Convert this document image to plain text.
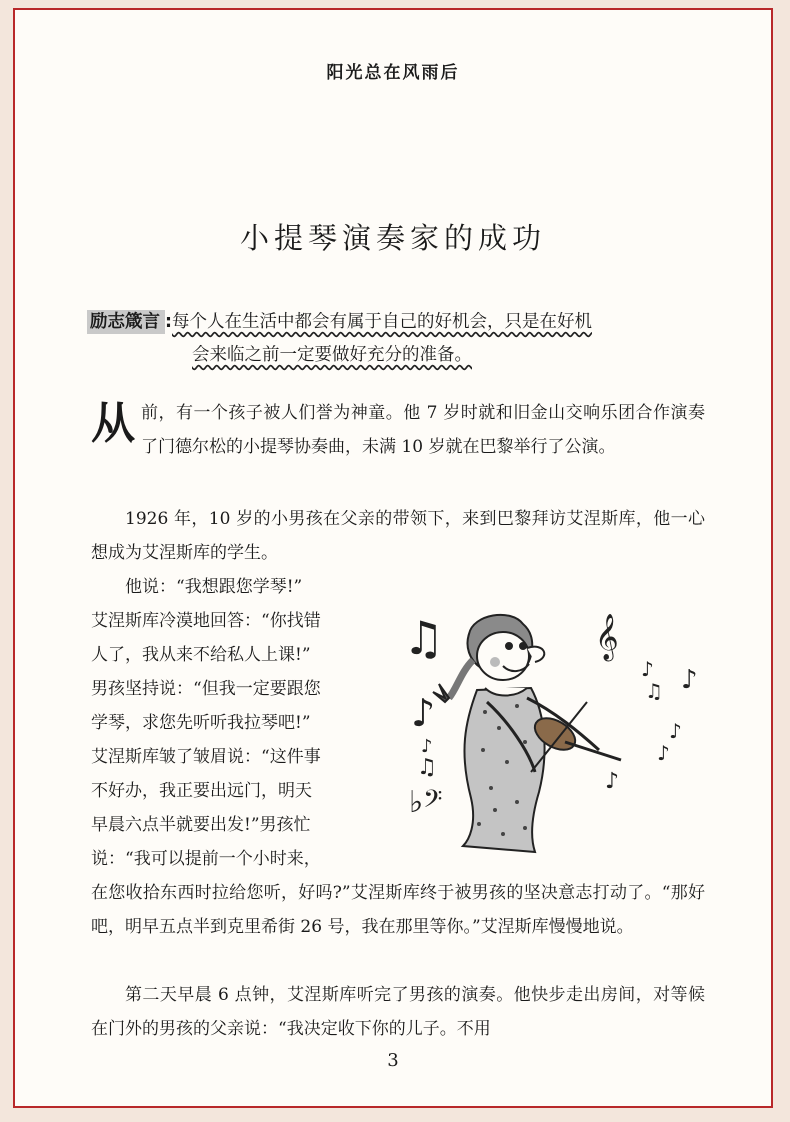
阳光总在风雨后
小提琴演奏家的成功
励志箴言 :每个人在生活中都会有属于自己的好机会，只是在好机
会来临之前一定要做好充分的准备。
从 前，有一个孩子被人们誉为神童。他 7 岁时就和旧金山交响乐团合作演奏了门德尔松的小提琴协奏曲，未满 10 岁就在巴黎举行了公演。

1926 年，10 岁的小男孩在父亲的带领下，来到巴黎拜访艾涅斯库，他一心想成为艾涅斯库的学生。

他说：“我想跟您学琴!”
艾涅斯库冷漠地回答：“你找错
人了，我从来不给私人上课!”
男孩坚持说：“但我一定要跟您
学琴，求您先听听我拉琴吧!”
艾涅斯库皱了皱眉说：“这件事
不好办，我正要出远门，明天
早晨六点半就要出发!”男孩忙
说：“我可以提前一个小时来，

在您收拾东西时拉给您听，好吗?”艾涅斯库终于被男孩的坚决意志打动了。“那好吧，明早五点半到克里希街 26 号，我在那里等你。”艾涅斯库慢慢地说。

第二天早晨 6 点钟，艾涅斯库听完了男孩的演奏。他快步走出房间，对等候在门外的男孩的父亲说：“我决定收下你的儿子。不用

♫	𝄞
♪ ♪
♫
♪	♪
♪
♪
♫
♪
♭𝄢
3
